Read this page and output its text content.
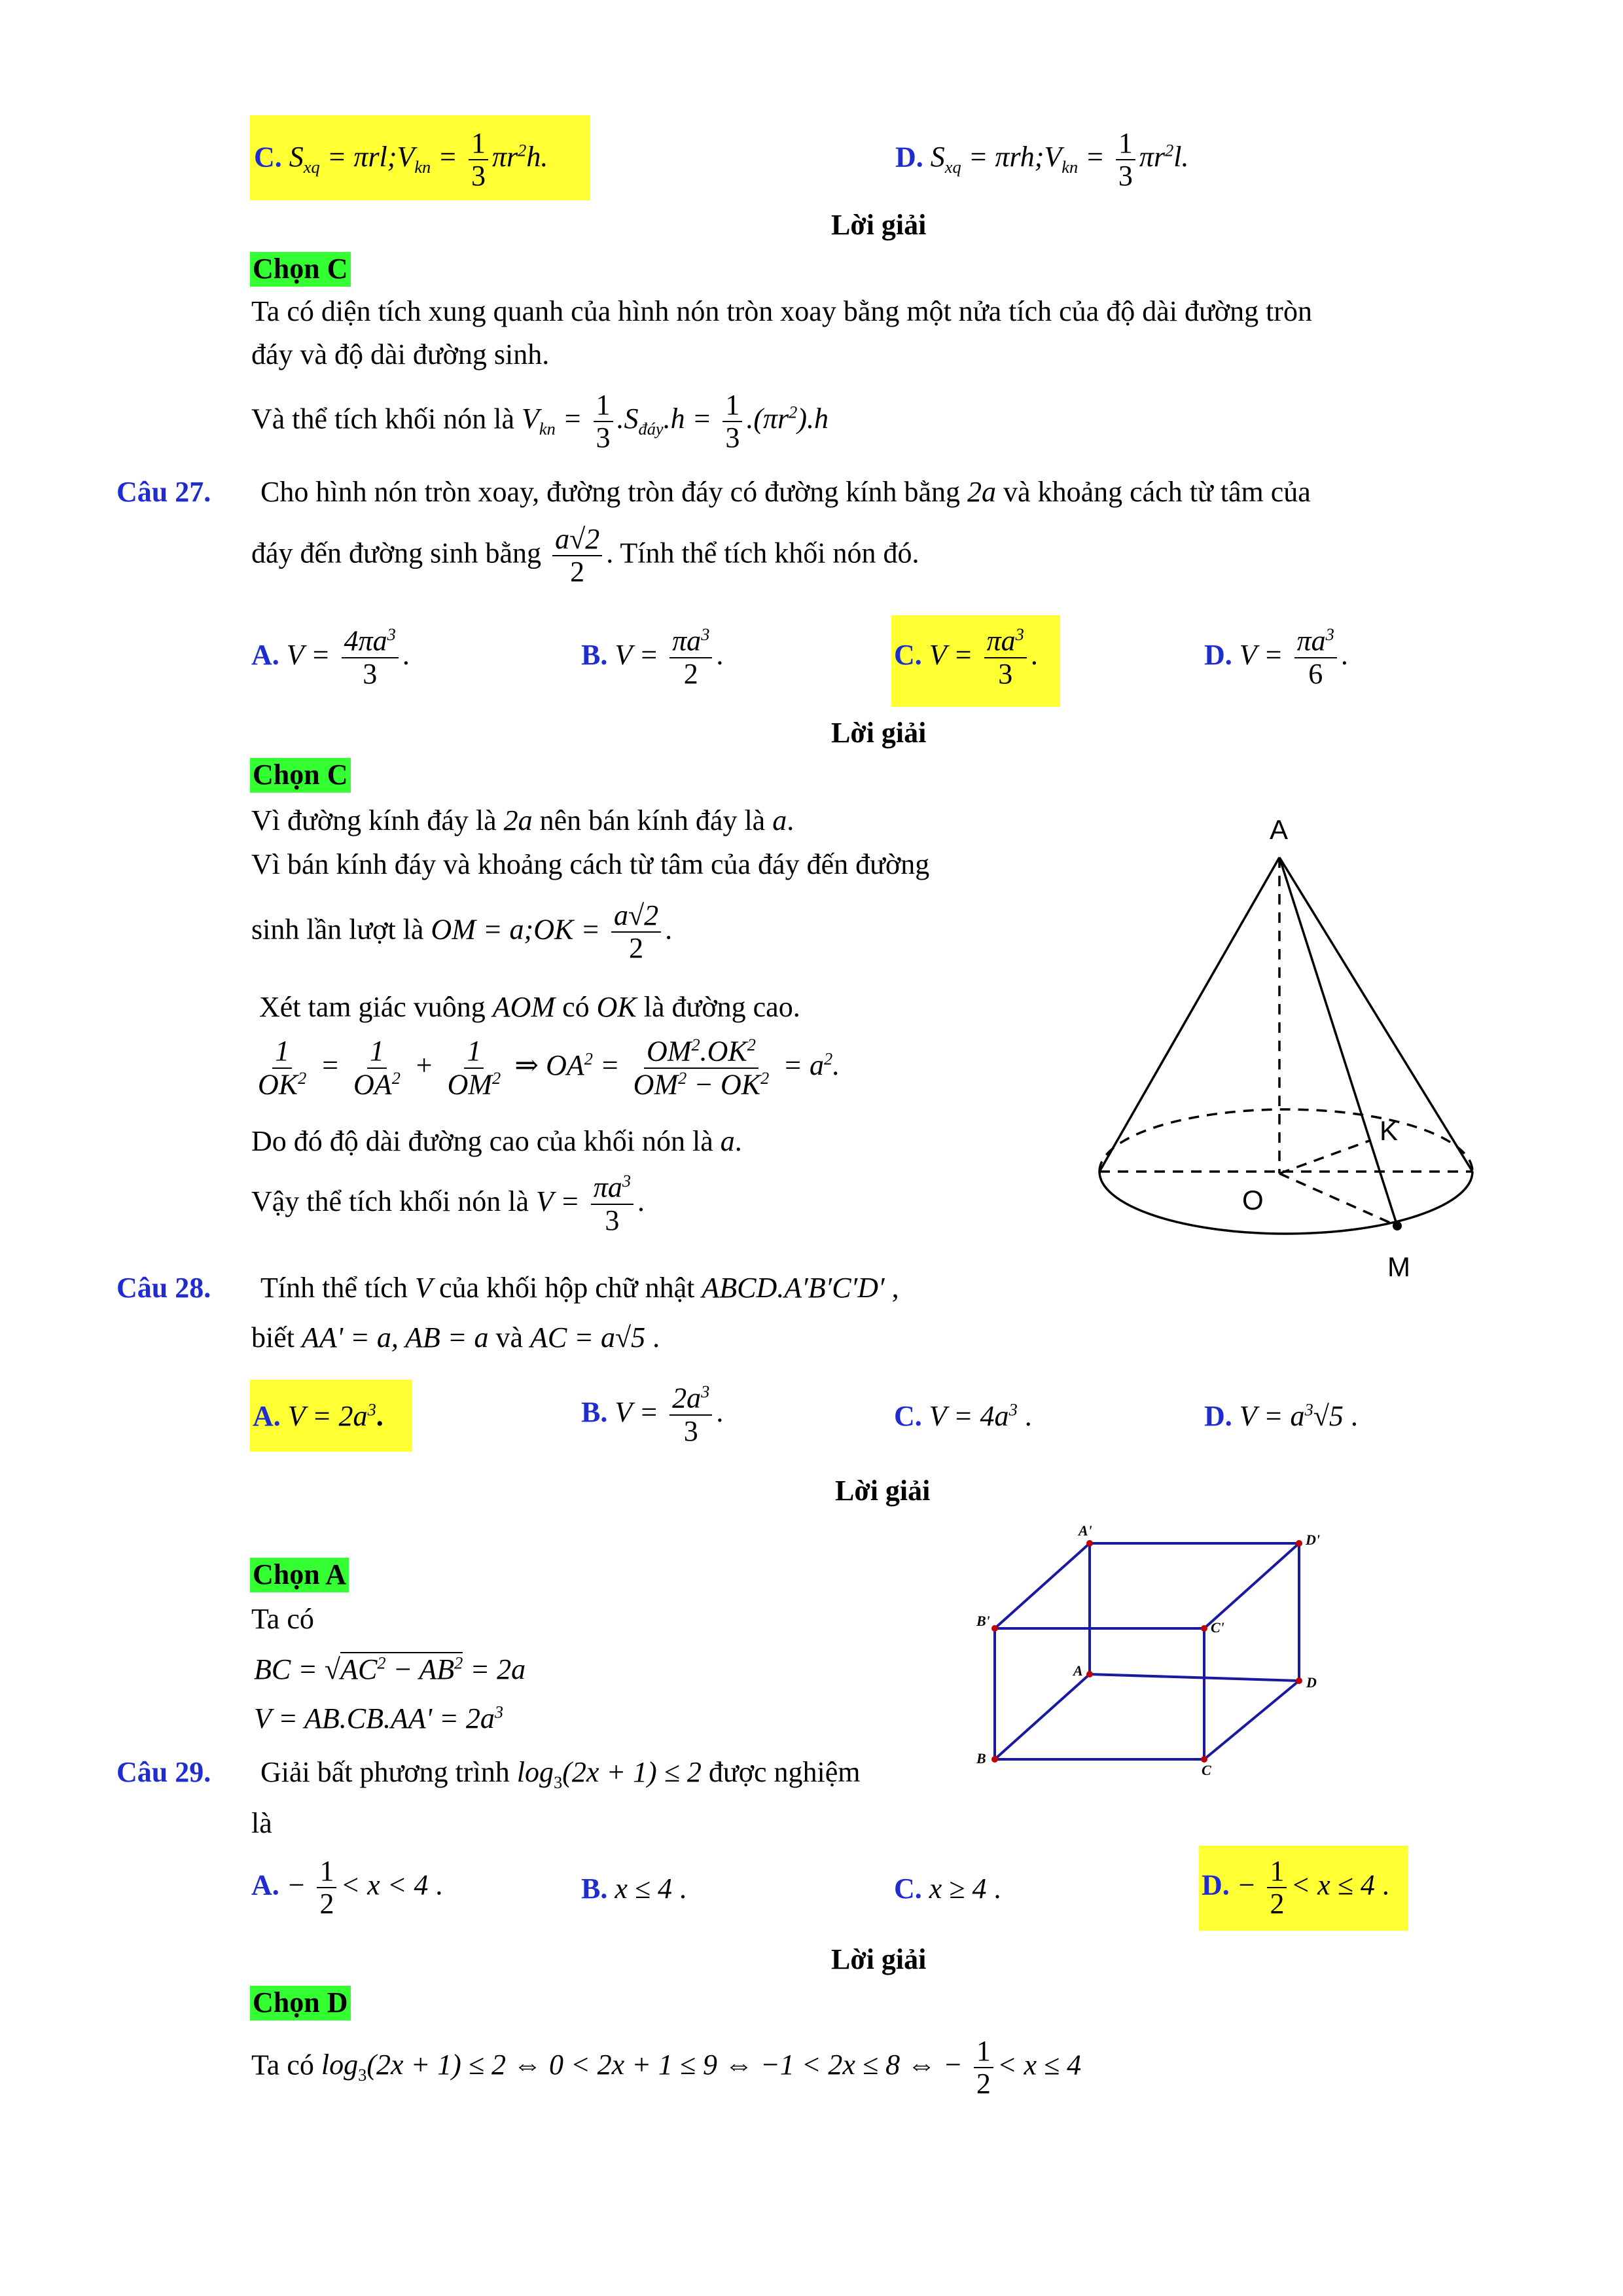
C. $S_{xq}$ = $\pi rl;V_{kn} = \frac{1}{3} \pi r^2h$.	D. $S_{xq}$ = $\pi rh;V_{kn} = \frac{1}{3} \pi r^2l$.
Lời giải
Chọn C
Ta có diện tích xung quanh của hình nón tròn xoay bằng một nửa tích của độ dài đường tròn
đáy và độ dài đường sinh.
Và thể tích khối nón là $V_{kn} = \frac{1}{3} .S_{đáy}.h = \frac{1}{3} .(\pi r^2).h$
Câu 27. Cho hình nón tròn xoay, đường tròn đáy có đường kính bằng 2a và khoảng cách từ tâm của
đáy đến đường sinh bằng $\frac{a√2}{2}$ . Tính thể tích khối nón đó.
A. $V = \frac{4\pi a^3}{3}$ .	B. $V = \frac{\pi a^3}{2}$ .	C. $V = \frac{\pi a^3}{3}$ .	D. $V = \frac{\pi a^3}{6}$ .
Lời giải
Chọn C
Vì đường kính đáy là 2a nên bán kính đáy là a.
Vì bán kính đáy và khoảng cách từ tâm của đáy đến đường
sinh lần lượt là OM = a;OK = $\frac{a√2}{2}$ .
Xét tam giác vuông AOM có OK là đường cao.
$\frac{1}{OK^2} = \frac{1}{OA^2} + \frac{1}{OM^2}$ ⇒ $OA^2 = \frac{OM^2.OK^2}{OM^2 - OK^2} = a^2$.
Do đó độ dài đường cao của khối nón là a.
Vậy thể tích khối nón là $V = \frac{\pi a^3}{3}$ .
A
K
O
M
Câu 28. Tính thể tích V của khối hộp chữ nhật ABCD.A′B′C′D′ ,
biết AA' = a, AB = a và AC = a√5 .
A. $V = 2a^3$.	B. $V = \frac{2a^3}{3}$ .	C. $V = 4a^3$ .	D. $V = a^3√5$ .
Lời giải
Chọn A
Ta có
BC = $√AC^2 - AB^2 = 2a$
$V = AB.CB.AA' = 2a^3$
A'
D'
B'	C'
A
D
B
C
Câu 29. Giải bất phương trình $\log_3(2x + 1) \le 2$ được nghiệm
là
A. − $\frac{1}{2} < x < 4$ .	B. x ≤ 4 .	C. x ≥ 4 .	D. − $\frac{1}{2} < x \le 4$ .
Lời giải
Chọn D
Ta có $\log_3(2x + 1) \le 2$ ⇔ 0 < 2x + 1 ≤ 9 ⇔ −1 < 2x ≤ 8 ⇔ − $\frac{1}{2} < x \le 4$
